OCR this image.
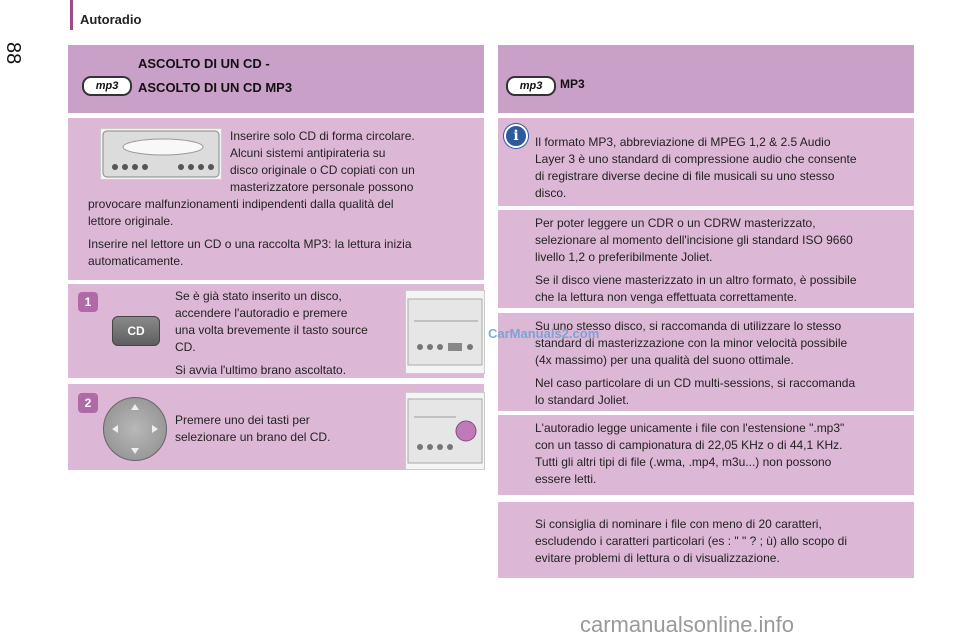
Autoradio
88	ASCOLTO DI UN CD -
mp3	ASCOLTO DI UN CD MP3
Inserire solo CD di forma circolare.
Alcuni sistemi antipirateria su
disco originale o CD copiati con un
masterizzatore personale possono
provocare malfunzionamenti indipendenti dalla qualità del
lettore originale.
Inserire nel lettore un CD o una raccolta MP3: la lettura inizia
automaticamente.
1
CD
Se è già stato inserito un disco,
accendere l'autoradio e premere
una volta brevemente il tasto source
CD.
Si avvia l'ultimo brano ascoltato.
2
Premere uno dei tasti per
selezionare un brano del CD.
mp3	MP3
i	Il formato MP3, abbreviazione di MPEG 1,2 & 2.5 Audio
Layer 3 è uno standard di compressione audio che consente
di registrare diverse decine di file musicali su uno stesso
disco.
Per poter leggere un CDR o un CDRW masterizzato,
selezionare al momento dell'incisione gli standard ISO 9660
livello 1,2 o preferibilmente Joliet.
Se il disco viene masterizzato in un altro formato, è possibile
che la lettura non venga effettuata correttamente.
Su uno stesso disco, si raccomanda di utilizzare lo stesso
standard di masterizzazione con la minor velocità possibile
(4x massimo) per una qualità del suono ottimale.
Nel caso particolare di un CD multi-sessions, si raccomanda
lo standard Joliet.
L'autoradio legge unicamente i file con l'estensione ".mp3"
con un tasso di campionatura di 22,05 KHz o di 44,1 KHz.
Tutti gli altri tipi di file (.wma, .mp4, m3u...) non possono
essere letti.
Si consiglia di nominare i file con meno di 20 caratteri,
escludendo i caratteri particolari (es : " " ? ; ù) allo scopo di
evitare problemi di lettura o di visualizzazione.
CarManuals2.com
carmanualsonline.info
